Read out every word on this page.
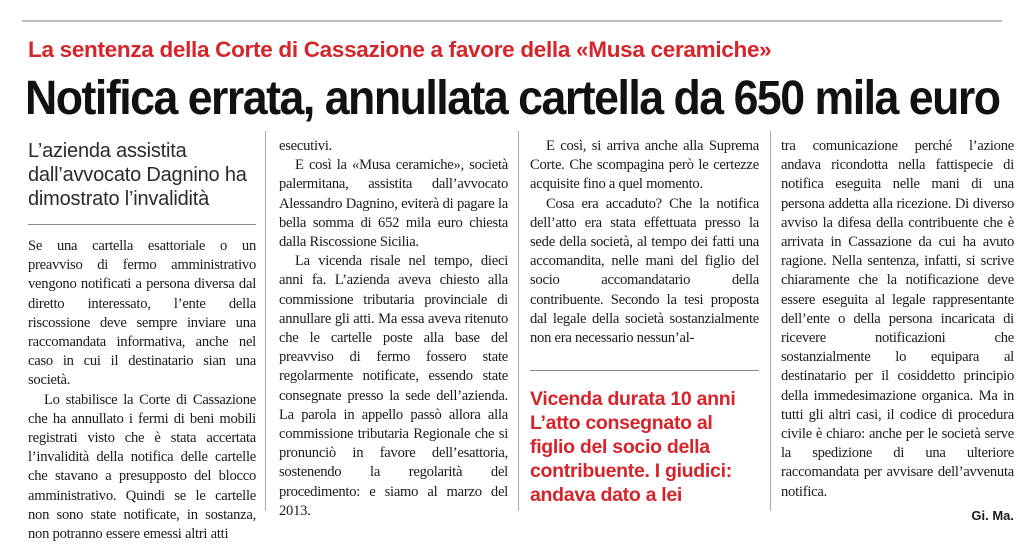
La sentenza della Corte di Cassazione a favore della «Musa ceramiche»
Notifica errata, annullata cartella da 650 mila euro
L’azienda assistita dall’avvocato Dagnino ha dimostrato l’invalidità

Se una cartella esattoriale o un preavviso di fermo amministrativo vengono notificati a persona diversa dal diretto interessato, l’ente della riscossione deve sempre inviare una raccomandata informativa, anche nel caso in cui il destinatario sian una società.

Lo stabilisce la Corte di Cassazione che ha annullato i fermi di beni mobili registrati visto che è stata accertata l’invalidità della notifica delle cartelle che stavano a presupposto del blocco amministrativo. Quindi se le cartelle non sono state notificate, in sostanza, non potranno essere emessi altri atti

esecutivi.

E così la «Musa ceramiche», società palermitana, assistita dall’avvocato Alessandro Dagnino, eviterà di pagare la bella somma di 652 mila euro chiesta dalla Riscossione Sicilia.

La vicenda risale nel tempo, dieci anni fa. L’azienda aveva chiesto alla commissione tributaria provinciale di annullare gli atti. Ma essa aveva ritenuto che le cartelle poste alla base del preavviso di fermo fossero state regolarmente notificate, essendo state consegnate presso la sede dell’azienda. La parola in appello passò allora alla commissione tributaria Regionale che si pronunciò in favore dell’esattoria, sostenendo la regolarità del procedimento: e siamo al marzo del 2013.

E così, si arriva anche alla Suprema Corte. Che scompagina però le certezze acquisite fino a quel momento.

Cosa era accaduto? Che la notifica dell’atto era stata effettuata presso la sede della società, al tempo dei fatti una accomandita, nelle mani del figlio del socio accomandatario della contribuente. Secondo la tesi proposta dal legale della società sostanzialmente non era necessario nessun’al-

Vicenda durata 10 anni L’atto consegnato al figlio del socio della contribuente. I giudici: andava dato a lei

tra comunicazione perché l’azione andava ricondotta nella fattispecie di notifica eseguita nelle mani di una persona addetta alla ricezione. Di diverso avviso la difesa della contribuente che è arrivata in Cassazione da cui ha avuto ragione. Nella sentenza, infatti, si scrive chiaramente che la notificazione deve essere eseguita al legale rappresentante dell’ente o della persona incaricata di ricevere notificazioni che sostanzialmente lo equipara al destinatario per il cosiddetto principio della immedesimazione organica. Ma in tutti gli altri casi, il codice di procedura civile è chiaro: anche per le società serve la spedizione di una ulteriore raccomandata per avvisare dell’avvenuta notifica.

Gi. Ma.
